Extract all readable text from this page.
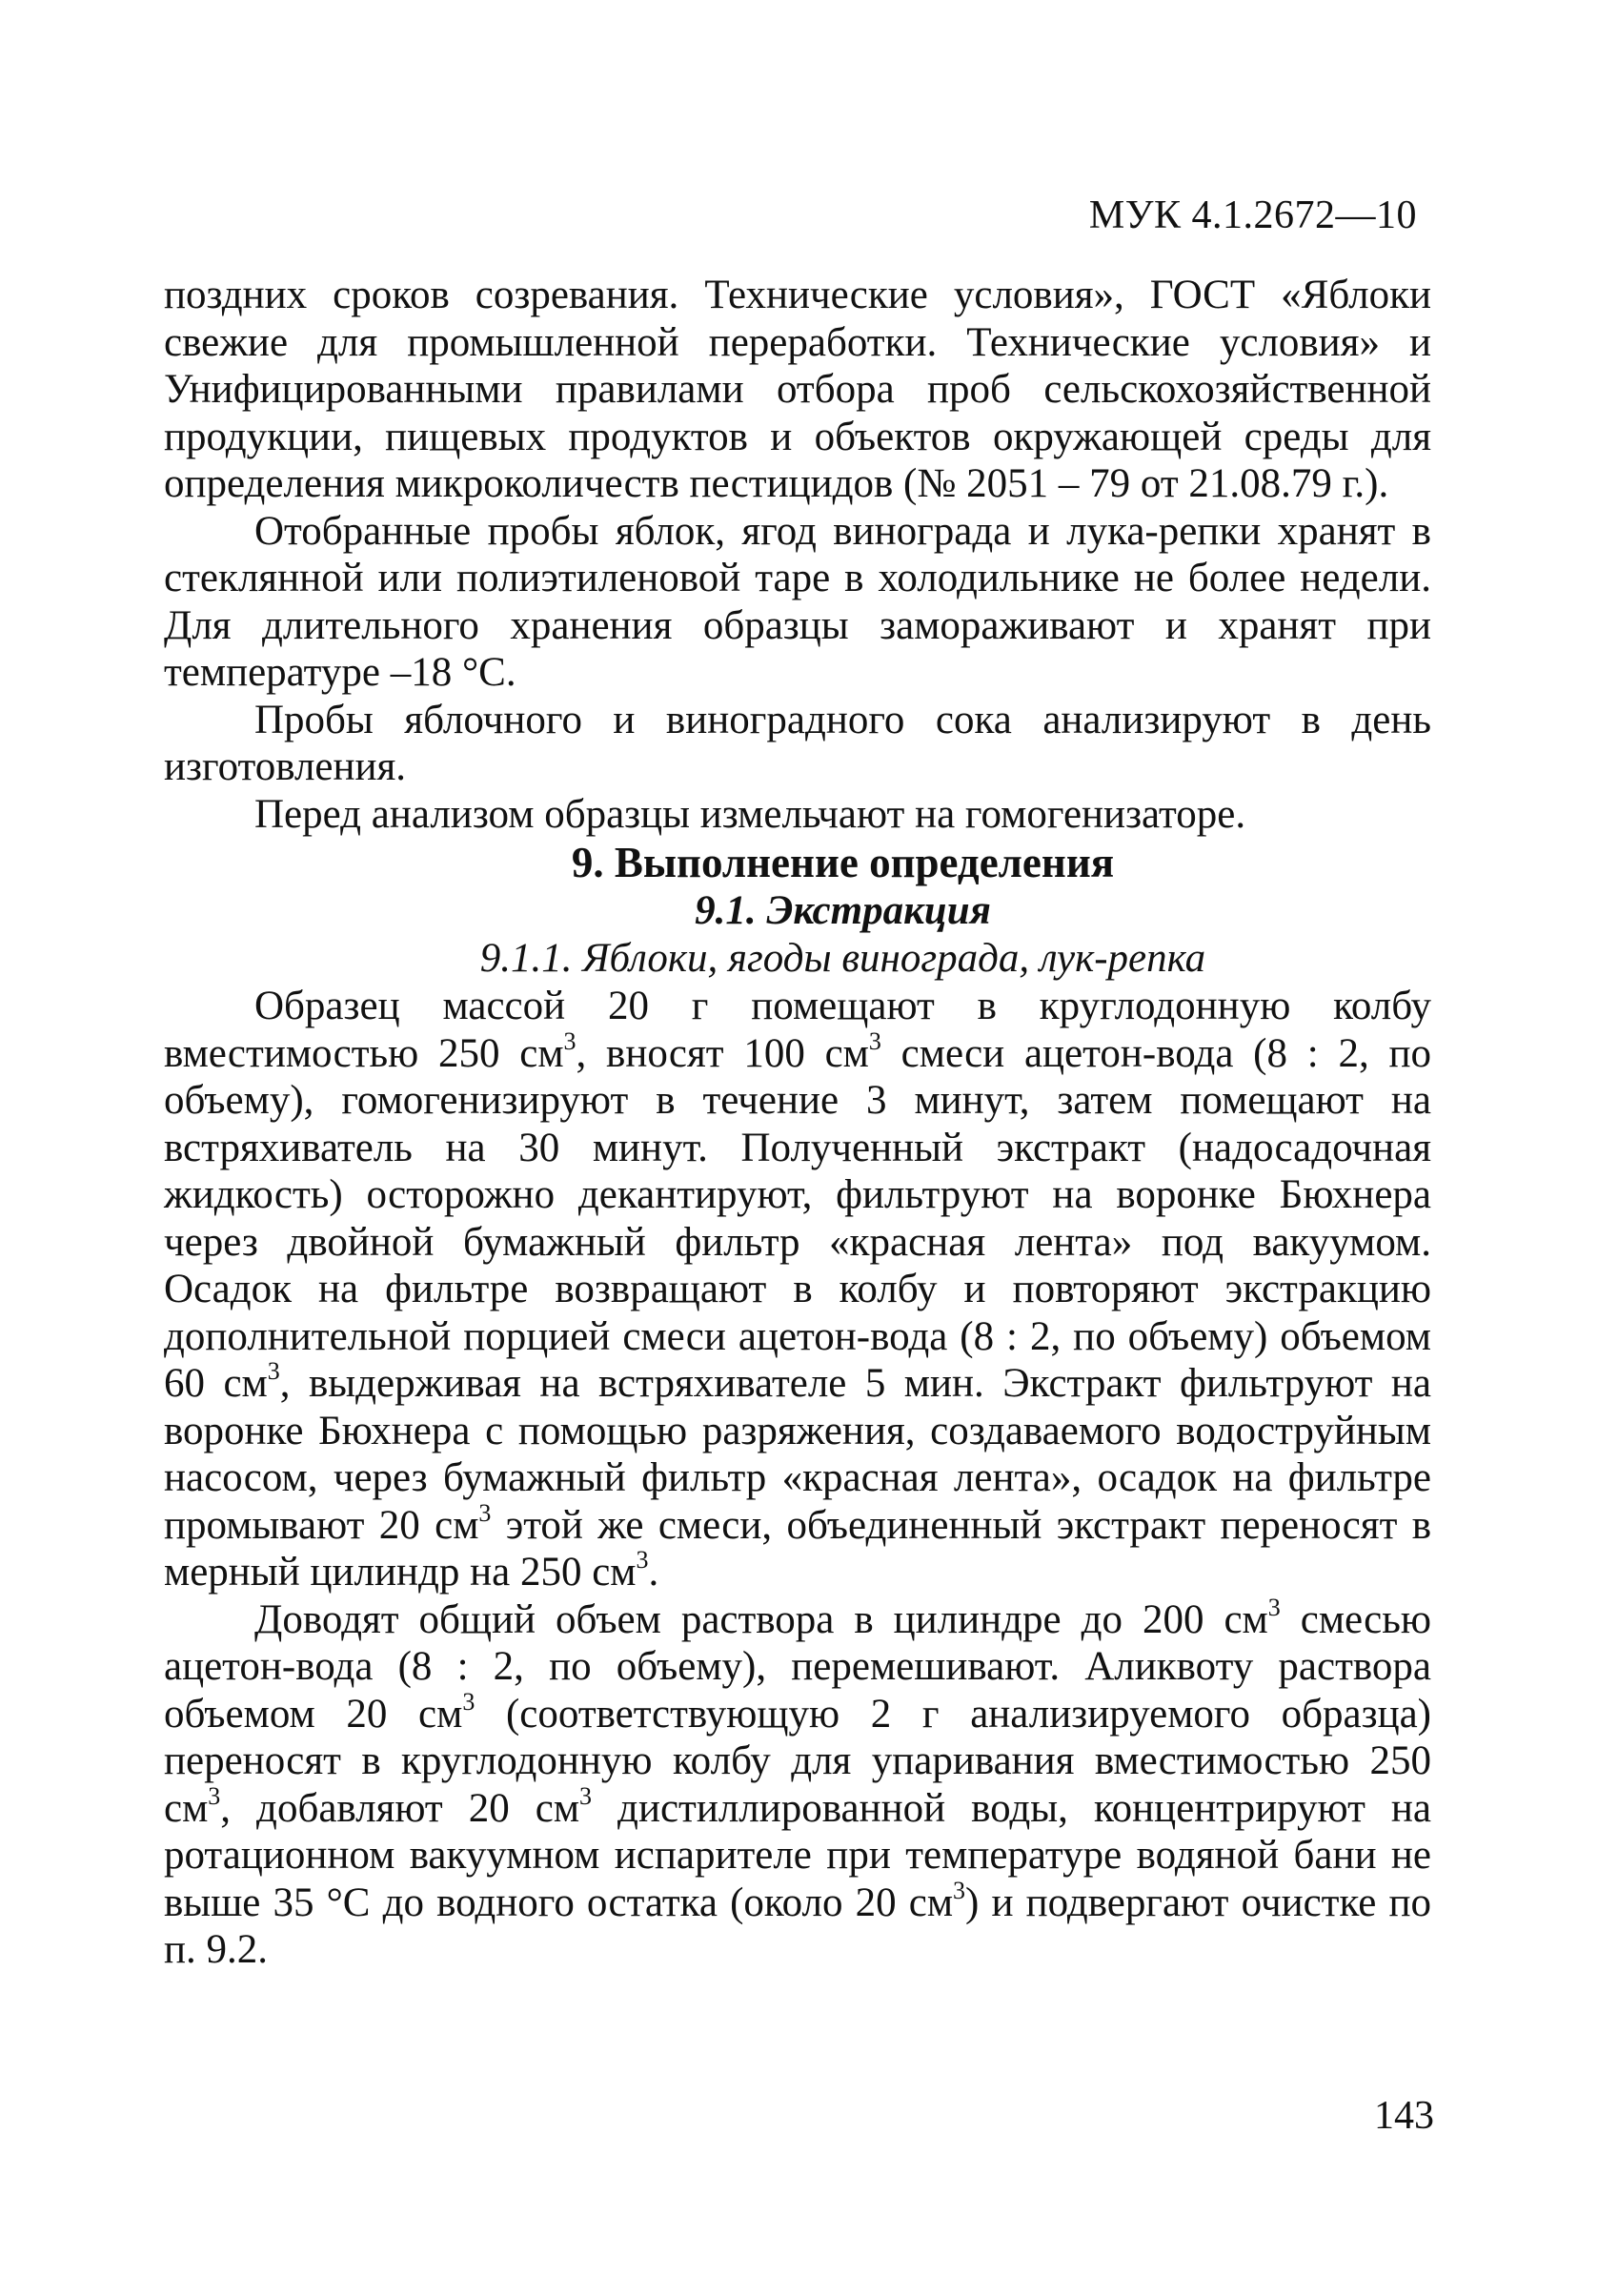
МУК 4.1.2672—10

поздних сроков созревания. Технические условия», ГОСТ «Яблоки свежие для промышленной переработки. Технические условия» и Унифицированными правилами отбора проб сельскохозяйственной продукции, пищевых продуктов и объектов окружающей среды для определения микроколичеств пестицидов (№ 2051 – 79 от 21.08.79 г.).

Отобранные пробы яблок, ягод винограда и лука-репки хранят в стеклянной или полиэтиленовой таре в холодильнике не более недели. Для длительного хранения образцы замораживают и хранят при температуре –18 °С.

Пробы яблочного и виноградного сока анализируют в день изготовления.

Перед анализом образцы измельчают на гомогенизаторе.

9. Выполнение определения

9.1. Экстракция

9.1.1. Яблоки, ягоды винограда, лук-репка

Образец массой 20 г помещают в круглодонную колбу вместимостью 250 $см^3$, вносят 100 $см^3$ смеси ацетон-вода (8 : 2, по объему), гомогенизируют в течение 3 минут, затем помещают на встряхиватель на 30 минут. Полученный экстракт (надосадочная жидкость) осторожно декантируют, фильтруют на воронке Бюхнера через двойной бумажный фильтр «красная лента» под вакуумом. Осадок на фильтре возвращают в колбу и повторяют экстракцию дополнительной порцией смеси ацетон-вода (8 : 2, по объему) объемом 60 $см^3$, выдерживая на встряхивателе 5 мин. Экстракт фильтруют на воронке Бюхнера с помощью разряжения, создаваемого водоструйным насосом, через бумажный фильтр «красная лента», осадок на фильтре промывают 20 $см^3$ этой же смеси, объединенный экстракт переносят в мерный цилиндр на 250 $см^3$.

Доводят общий объем раствора в цилиндре до 200 $см^3$ смесью ацетон-вода (8 : 2, по объему), перемешивают. Аликвоту раствора объемом 20 $см^3$ (соответствующую 2 г анализируемого образца) переносят в круглодонную колбу для упаривания вместимостью 250 $см^3$, добавляют 20 $см^3$ дистиллированной воды, концентрируют на ротационном вакуумном испарителе при температуре водяной бани не выше 35 °С до водного остатка (около 20 $см^3$) и подвергают очистке по п. 9.2.

143
